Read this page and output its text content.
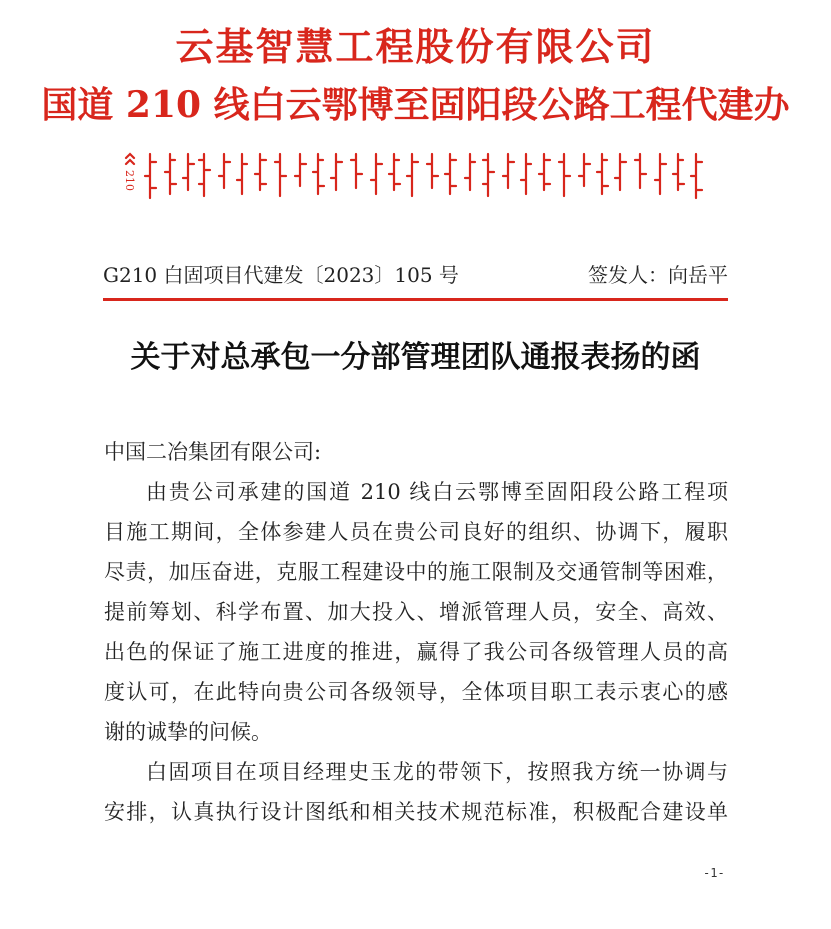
云基智慧工程股份有限公司
国道 210 线白云鄂博至固阳段公路工程代建办
210
G210 白固项目代建发〔2023〕105 号	签发人：向岳平
关于对总承包一分部管理团队通报表扬的函
中国二冶集团有限公司:
由贵公司承建的国道 210 线白云鄂博至固阳段公路工程项
目施工期间，全体参建人员在贵公司良好的组织、协调下，履职
尽责，加压奋进，克服工程建设中的施工限制及交通管制等困难，
提前筹划、科学布置、加大投入、增派管理人员，安全、高效、
出色的保证了施工进度的推进，赢得了我公司各级管理人员的高
度认可，在此特向贵公司各级领导，全体项目职工表示衷心的感
谢的诚挚的问候。
白固项目在项目经理史玉龙的带领下，按照我方统一协调与
安排，认真执行设计图纸和相关技术规范标准，积极配合建设单
-1-
